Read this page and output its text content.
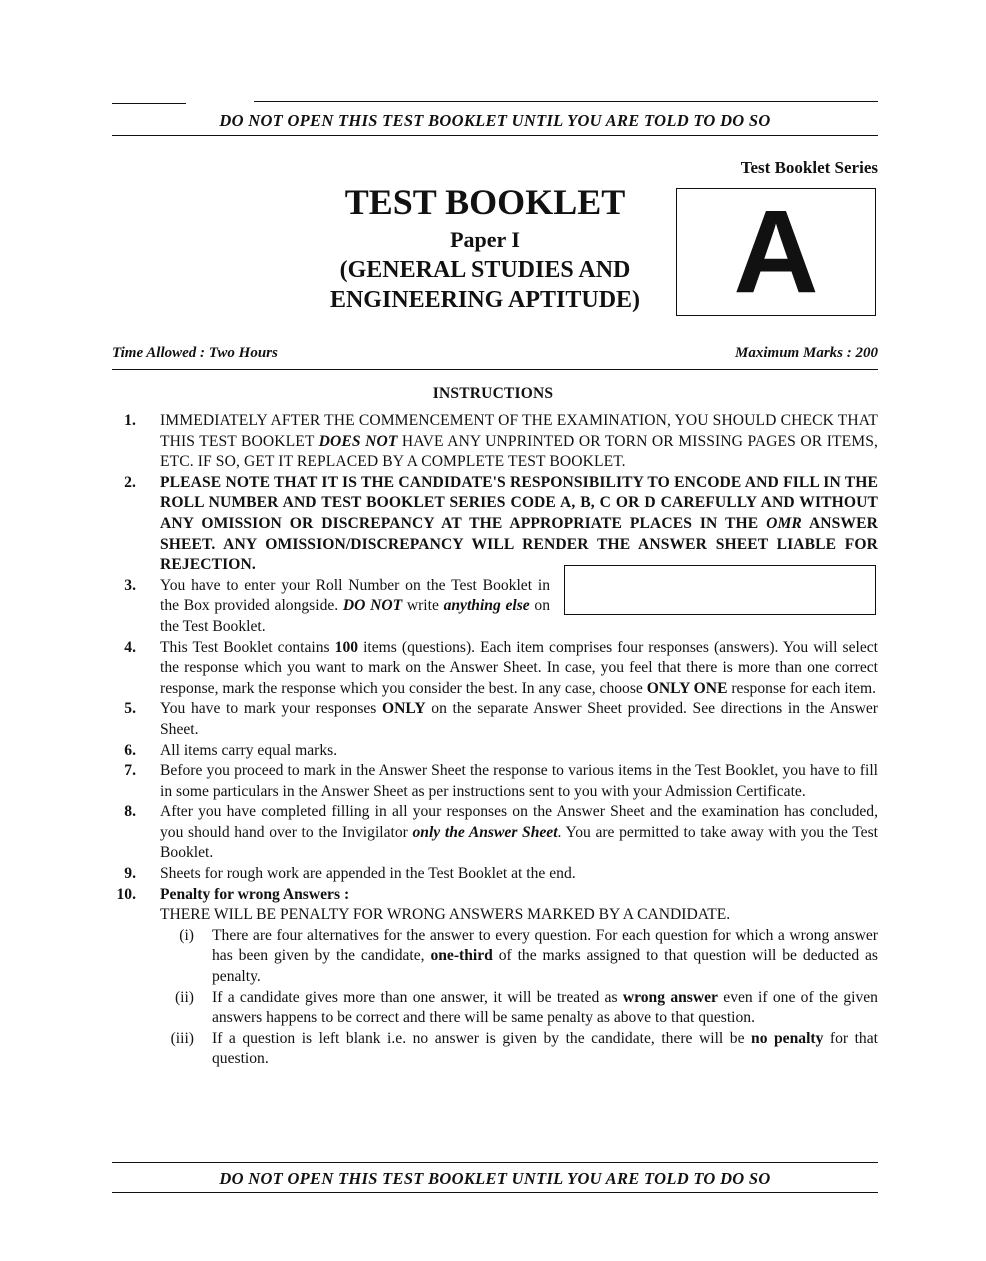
DO NOT OPEN THIS TEST BOOKLET UNTIL YOU ARE TOLD TO DO SO
Test Booklet Series
A
TEST BOOKLET
Paper I
(GENERAL STUDIES AND
ENGINEERING APTITUDE)
Time Allowed : Two Hours	Maximum Marks : 200
INSTRUCTIONS
1. IMMEDIATELY AFTER THE COMMENCEMENT OF THE EXAMINATION, YOU SHOULD CHECK THAT THIS TEST BOOKLET DOES NOT HAVE ANY UNPRINTED OR TORN OR MISSING PAGES OR ITEMS, ETC. IF SO, GET IT REPLACED BY A COMPLETE TEST BOOKLET.
2. PLEASE NOTE THAT IT IS THE CANDIDATE'S RESPONSIBILITY TO ENCODE AND FILL IN THE ROLL NUMBER AND TEST BOOKLET SERIES CODE A, B, C OR D CAREFULLY AND WITHOUT ANY OMISSION OR DISCREPANCY AT THE APPROPRIATE PLACES IN THE OMR ANSWER SHEET. ANY OMISSION/DISCREPANCY WILL RENDER THE ANSWER SHEET LIABLE FOR REJECTION.
3. You have to enter your Roll Number on the Test Booklet in the Box provided alongside. DO NOT write anything else on the Test Booklet.
4. This Test Booklet contains 100 items (questions). Each item comprises four responses (answers). You will select the response which you want to mark on the Answer Sheet. In case, you feel that there is more than one correct response, mark the response which you consider the best. In any case, choose ONLY ONE response for each item.
5. You have to mark your responses ONLY on the separate Answer Sheet provided. See directions in the Answer Sheet.
6. All items carry equal marks.
7. Before you proceed to mark in the Answer Sheet the response to various items in the Test Booklet, you have to fill in some particulars in the Answer Sheet as per instructions sent to you with your Admission Certificate.
8. After you have completed filling in all your responses on the Answer Sheet and the examination has concluded, you should hand over to the Invigilator only the Answer Sheet. You are permitted to take away with you the Test Booklet.
9. Sheets for rough work are appended in the Test Booklet at the end.
10. Penalty for wrong Answers :
THERE WILL BE PENALTY FOR WRONG ANSWERS MARKED BY A CANDIDATE.
(i) There are four alternatives for the answer to every question. For each question for which a wrong answer has been given by the candidate, one-third of the marks assigned to that question will be deducted as penalty.
(ii) If a candidate gives more than one answer, it will be treated as wrong answer even if one of the given answers happens to be correct and there will be same penalty as above to that question.
(iii) If a question is left blank i.e. no answer is given by the candidate, there will be no penalty for that question.
DO NOT OPEN THIS TEST BOOKLET UNTIL YOU ARE TOLD TO DO SO
